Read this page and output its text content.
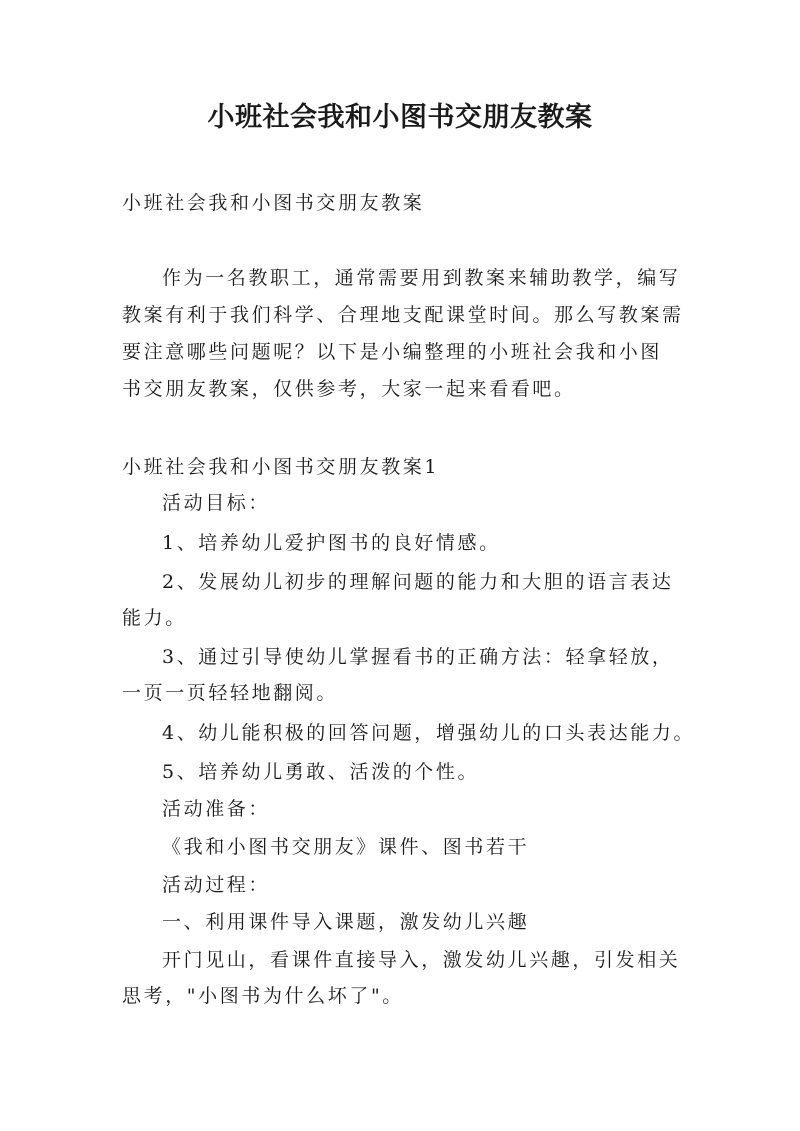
小班社会我和小图书交朋友教案
小班社会我和小图书交朋友教案
作为一名教职工，通常需要用到教案来辅助教学，编写
教案有利于我们科学、合理地支配课堂时间。那么写教案需
要注意哪些问题呢？以下是小编整理的小班社会我和小图
书交朋友教案，仅供参考，大家一起来看看吧。
小班社会我和小图书交朋友教案1
活动目标：
1、培养幼儿爱护图书的良好情感。
2、发展幼儿初步的理解问题的能力和大胆的语言表达
能力。
3、通过引导使幼儿掌握看书的正确方法：轻拿轻放，
一页一页轻轻地翻阅。
4、幼儿能积极的回答问题，增强幼儿的口头表达能力。
5、培养幼儿勇敢、活泼的个性。
活动准备：
《我和小图书交朋友》课件、图书若干
活动过程：
一、利用课件导入课题，激发幼儿兴趣
开门见山，看课件直接导入，激发幼儿兴趣，引发相关
思考，"小图书为什么坏了"。
